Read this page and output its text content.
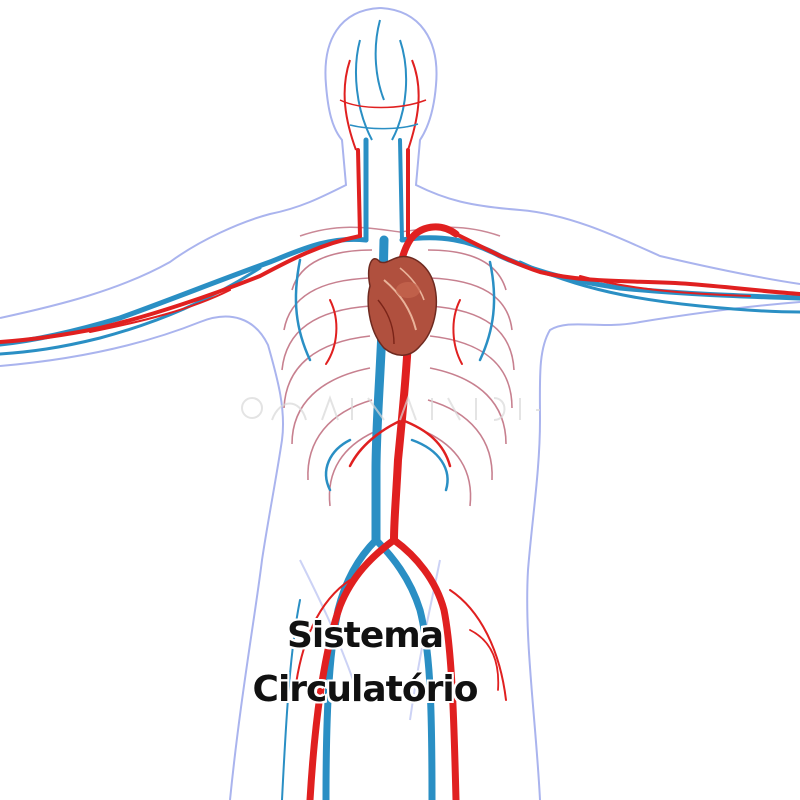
Sistema
Circulatório
